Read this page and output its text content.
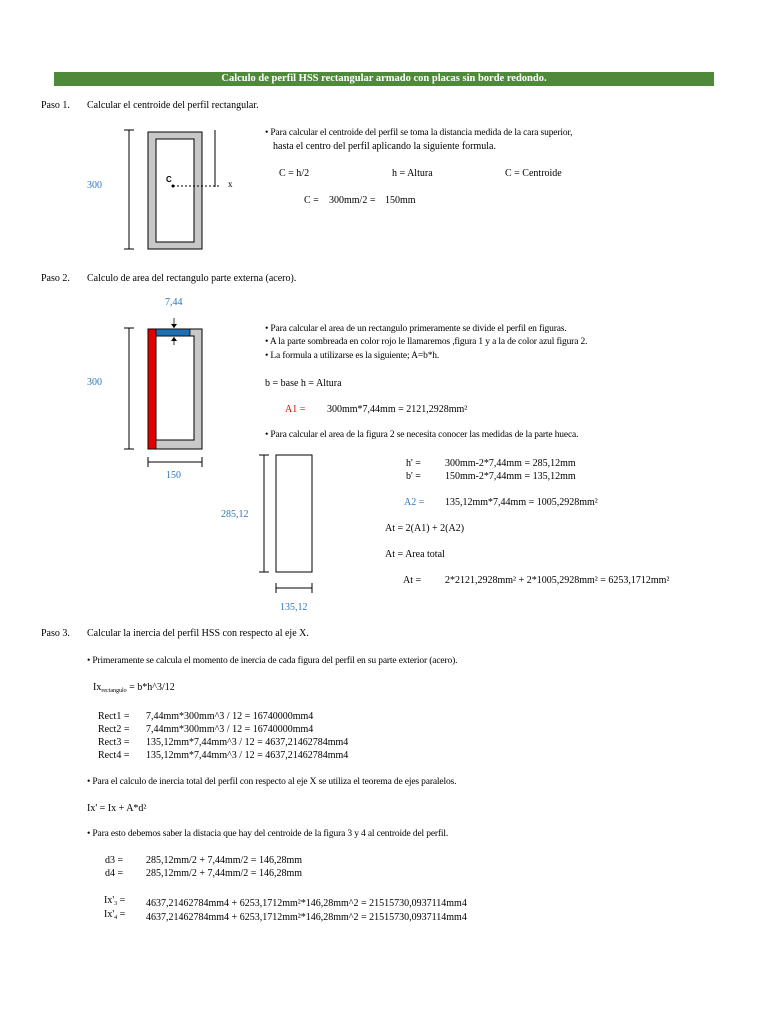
Calculo de perfil HSS rectangular armado con placas sin borde redondo.
Paso 1. Calcular el centroide del perfil rectangular.
C	x
300
• Para calcular el centroide del perfil se toma la distancia medida de la cara superior,
hasta el centro del perfil aplicando la siguiente formula.
C = h/2	h = Altura	C = Centroide
C = 300mm/2 = 150mm
Paso 2. Calculo de area del rectangulo parte externa (acero).
7,44
300
150
• Para calcular el area de un rectangulo primeramente se divide el perfil en figuras.
• A la parte sombreada en color rojo le llamaremos ,figura 1 y a la de color azul figura 2.
• La formula a utilizarse es la siguiente; A=b*h.
b = base h = Altura
A1 = 300mm*7,44mm = 2121,2928mm²
• Para calcular el area de la figura 2 se necesita conocer las medidas de la parte hueca.
285,12
135,12
h' = 300mm-2*7,44mm = 285,12mm
b' = 150mm-2*7,44mm = 135,12mm
A2 = 135,12mm*7,44mm = 1005,2928mm²
At = 2(A1) + 2(A2)
At = Area total
At = 2*2121,2928mm² + 2*1005,2928mm² = 6253,1712mm²
Paso 3. Calcular la inercia del perfil HSS con respecto al eje X.
• Primeramente se calcula el momento de inercia de cada figura del perfil en su parte exterior (acero).
$Ix_{rectangulo}$ = b*h^3/12
Rect1 = 7,44mm*300mm^3 / 12 = 16740000mm4
Rect2 = 7,44mm*300mm^3 / 12 = 16740000mm4
Rect3 = 135,12mm*7,44mm^3 / 12 = 4637,21462784mm4
Rect4 = 135,12mm*7,44mm^3 / 12 = 4637,21462784mm4
• Para el calculo de inercia total del perfil con respecto al eje X se utiliza el teorema de ejes paralelos.
Ix' = Ix + A*d²
• Para esto debemos saber la distacia que hay del centroide de la figura 3 y 4 al centroide del perfil.
d3 = 285,12mm/2 + 7,44mm/2 = 146,28mm
d4 = 285,12mm/2 + 7,44mm/2 = 146,28mm
$Ix'_3 = 4637,21462784mm4$ + 6253,1712mm²*146,28mm^2 = 21515730,0937114mm4
$Ix'_4 = 4637,21462784mm4$ + 6253,1712mm²*146,28mm^2 = 21515730,0937114mm4
